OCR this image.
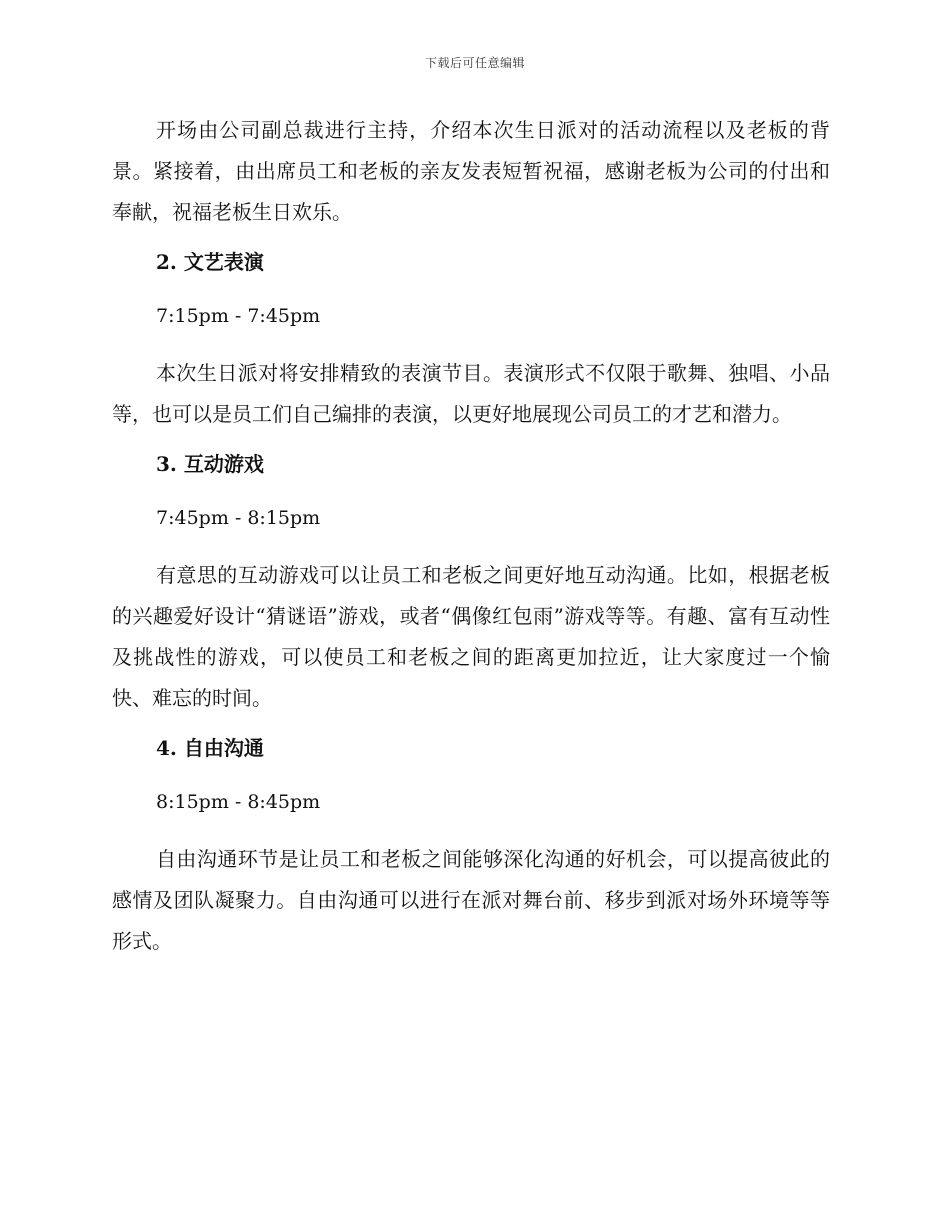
下载后可任意编辑

开场由公司副总裁进行主持，介绍本次生日派对的活动流程以及老板的背景。紧接着，由出席员工和老板的亲友发表短暂祝福，感谢老板为公司的付出和奉献，祝福老板生日欢乐。

2. 文艺表演

7:15pm - 7:45pm

本次生日派对将安排精致的表演节目。表演形式不仅限于歌舞、独唱、小品等，也可以是员工们自己编排的表演，以更好地展现公司员工的才艺和潜力。

3. 互动游戏

7:45pm - 8:15pm

有意思的互动游戏可以让员工和老板之间更好地互动沟通。比如，根据老板的兴趣爱好设计“猜谜语”游戏，或者“偶像红包雨”游戏等等。有趣、富有互动性及挑战性的游戏，可以使员工和老板之间的距离更加拉近，让大家度过一个愉快、难忘的时间。

4. 自由沟通

8:15pm - 8:45pm

自由沟通环节是让员工和老板之间能够深化沟通的好机会，可以提高彼此的感情及团队凝聚力。自由沟通可以进行在派对舞台前、移步到派对场外环境等等形式。
